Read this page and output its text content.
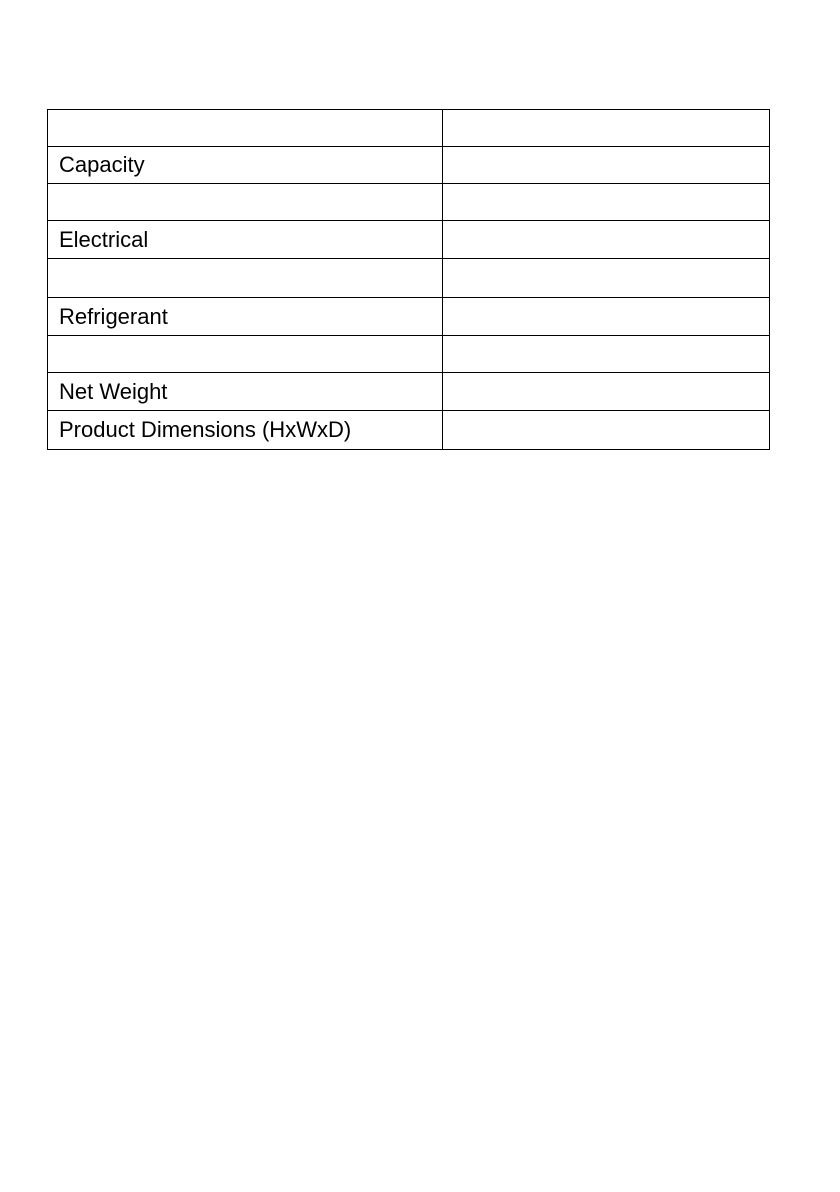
Capacity	

Electrical	

Refrigerant	

Net Weight	
Product Dimensions (HxWxD)	
